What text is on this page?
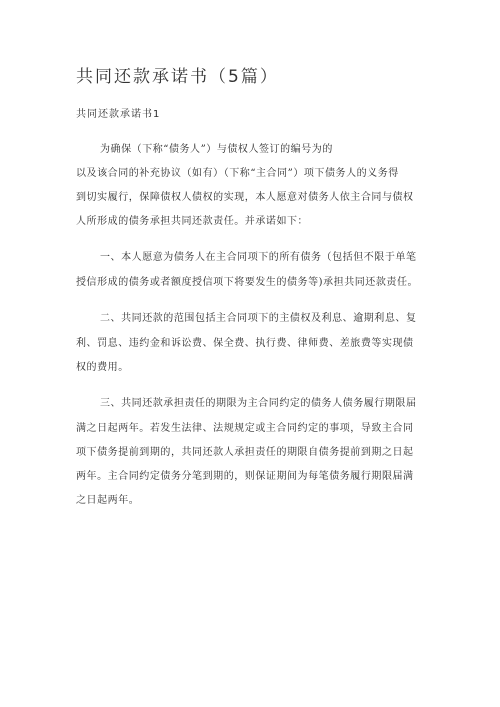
共同还款承诺书（5篇）
共同还款承诺书1
为确保（下称“债务人”）与债权人签订的编号为的
以及该合同的补充协议（如有）（下称“主合同”）项下债务人的义务得
到切实履行，保障债权人债权的实现，本人愿意对债务人依主合同与债权
人所形成的债务承担共同还款责任。并承诺如下：
一、本人愿意为债务人在主合同项下的所有债务（包括但不限于单笔
授信形成的债务或者额度授信项下将要发生的债务等)承担共同还款责任。
二、共同还款的范围包括主合同项下的主债权及利息、逾期利息、复
利、罚息、违约金和诉讼费、保全费、执行费、律师费、差旅费等实现债
权的费用。
三、共同还款承担责任的期限为主合同约定的债务人债务履行期限届
满之日起两年。若发生法律、法规规定或主合同约定的事项，导致主合同
项下债务提前到期的，共同还款人承担责任的期限自债务提前到期之日起
两年。主合同约定债务分笔到期的，则保证期间为每笔债务履行期限届满
之日起两年。
